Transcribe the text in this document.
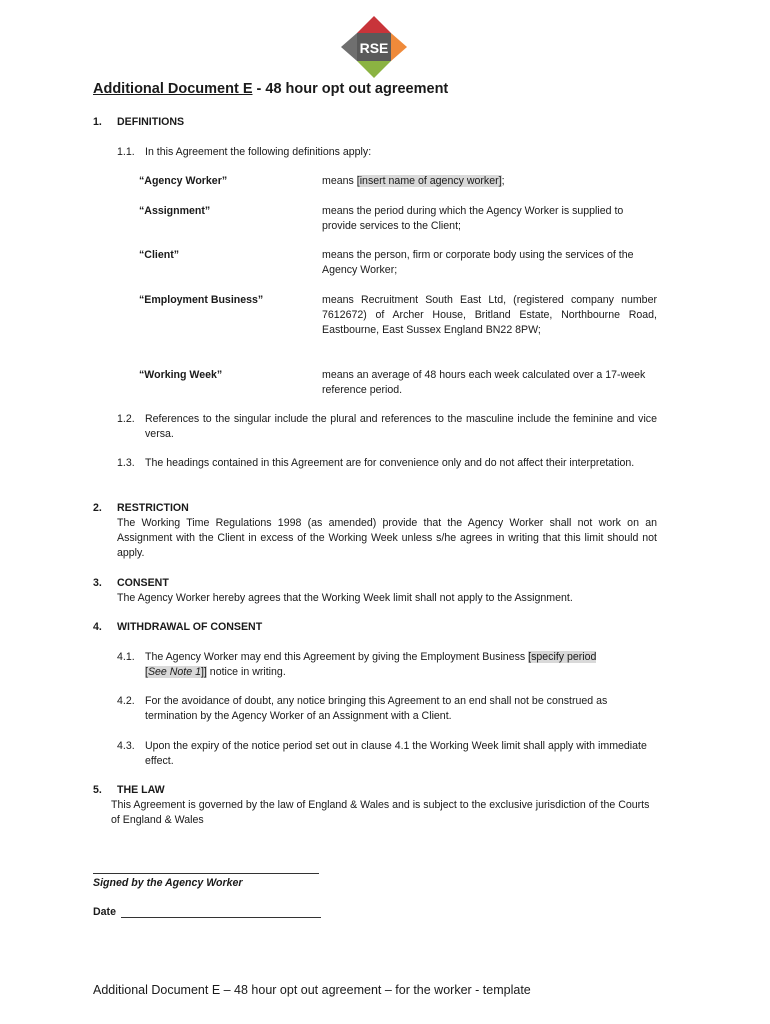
RSE
Additional Document E - 48 hour opt out agreement
1. DEFINITIONS
1.1. In this Agreement the following definitions apply:
“Agency Worker”	means [insert name of agency worker];
“Assignment”	means the period during which the Agency Worker is supplied to provide services to the Client;
“Client”	means the person, firm or corporate body using the services of the Agency Worker;
“Employment Business”	means Recruitment South East Ltd, (registered company number 7612672) of Archer House, Britland Estate, Northbourne Road, Eastbourne, East Sussex England BN22 8PW;
“Working Week”	means an average of 48 hours each week calculated over a 17-week reference period.
1.2. References to the singular include the plural and references to the masculine include the feminine and vice versa.
1.3. The headings contained in this Agreement are for convenience only and do not affect their interpretation.
2. RESTRICTION
The Working Time Regulations 1998 (as amended) provide that the Agency Worker shall not work on an Assignment with the Client in excess of the Working Week unless s/he agrees in writing that this limit should not apply.
3. CONSENT
The Agency Worker hereby agrees that the Working Week limit shall not apply to the Assignment.
4. WITHDRAWAL OF CONSENT
4.1. The Agency Worker may end this Agreement by giving the Employment Business [specify period
[See Note 1]] notice in writing.
4.2. For the avoidance of doubt, any notice bringing this Agreement to an end shall not be construed as termination by the Agency Worker of an Assignment with a Client.
4.3. Upon the expiry of the notice period set out in clause 4.1 the Working Week limit shall apply with immediate effect.
5. THE LAW
This Agreement is governed by the law of England & Wales and is subject to the exclusive jurisdiction of the Courts of England & Wales
Signed by the Agency Worker
Date
Additional Document E – 48 hour opt out agreement – for the worker - template
